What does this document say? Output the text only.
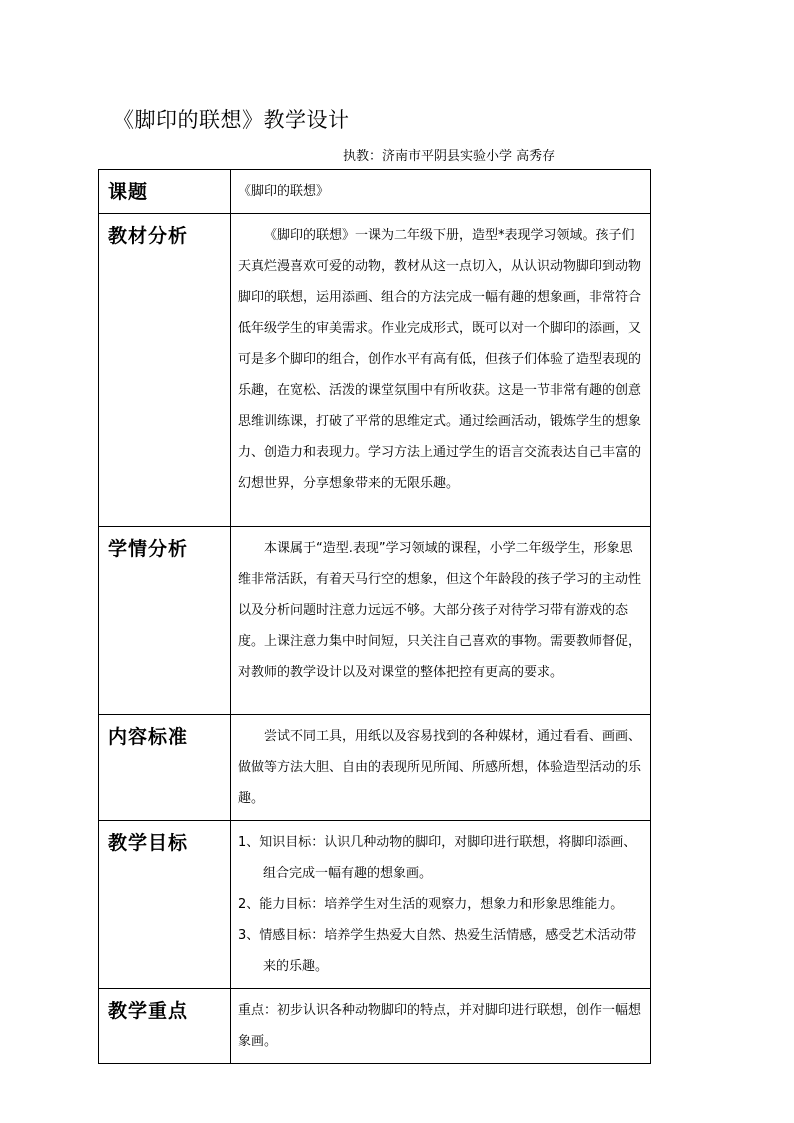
《脚印的联想》教学设计
执教：济南市平阴县实验小学 高秀存
课题	《脚印的联想》
教材分析	《脚印的联想》一课为二年级下册，造型*表现学习领域。孩子们天真烂漫喜欢可爱的动物，教材从这一点切入，从认识动物脚印到动物脚印的联想，运用添画、组合的方法完成一幅有趣的想象画，非常符合低年级学生的审美需求。作业完成形式，既可以对一个脚印的添画，又可是多个脚印的组合，创作水平有高有低，但孩子们体验了造型表现的乐趣，在宽松、活泼的课堂氛围中有所收获。这是一节非常有趣的创意思维训练课，打破了平常的思维定式。通过绘画活动，锻炼学生的想象力、创造力和表现力。学习方法上通过学生的语言交流表达自己丰富的幻想世界，分享想象带来的无限乐趣。

学情分析	本课属于“造型.表现”学习领域的课程，小学二年级学生，形象思维非常活跃，有着天马行空的想象，但这个年龄段的孩子学习的主动性以及分析问题时注意力远远不够。大部分孩子对待学习带有游戏的态度。上课注意力集中时间短，只关注自己喜欢的事物。需要教师督促，对教师的教学设计以及对课堂的整体把控有更高的要求。

内容标准	尝试不同工具，用纸以及容易找到的各种媒材，通过看看、画画、做做等方法大胆、自由的表现所见所闻、所感所想，体验造型活动的乐趣。

教学目标	1、知识目标：认识几种动物的脚印，对脚印进行联想，将脚印添画、组合完成一幅有趣的想象画。
2、能力目标：培养学生对生活的观察力，想象力和形象思维能力。
3、情感目标：培养学生热爱大自然、热爱生活情感，感受艺术活动带来的乐趣。

教学重点	重点：初步认识各种动物脚印的特点，并对脚印进行联想，创作一幅想象画。
